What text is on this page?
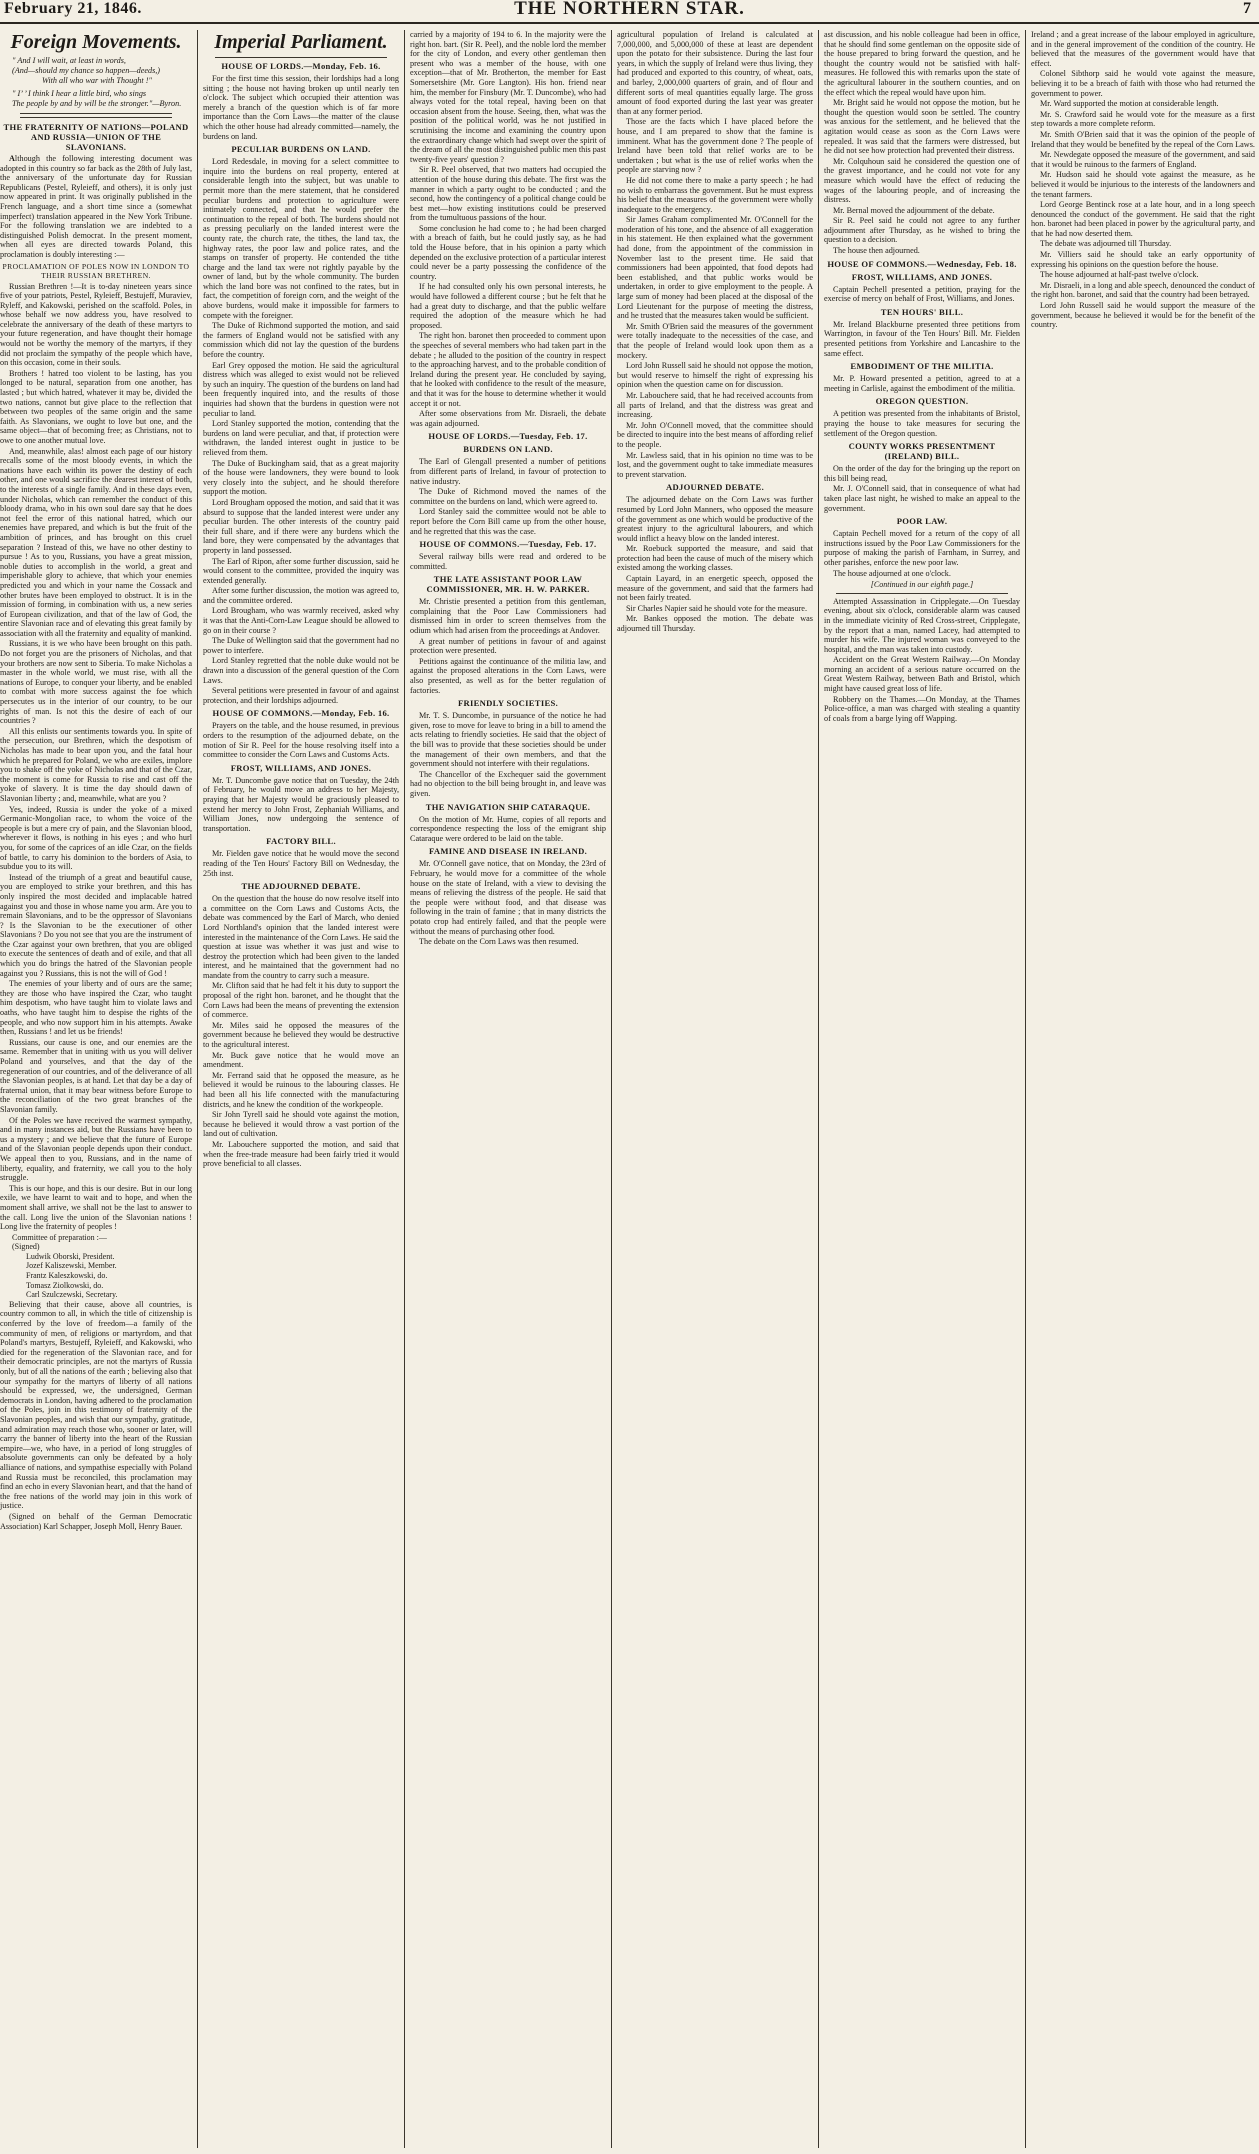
February 21, 1846.	THE NORTHERN STAR.	7
Foreign Movements.
" And I will wait, at least in words,
(And—should my chance so happen—deeds,)
With all who war with Thought !"
" I’ ’ I think I hear a little bird, who sings
The people by and by will be the stronger."—Byron.
THE FRATERNITY OF NATIONS—POLAND AND RUSSIA—UNION OF THE SLAVONIANS.

Although the following interesting document was adopted in this country so far back as the 28th of July last, the anniversary of the unfortunate day for Russian Republicans (Pestel, Ryleieff, and others), it is only just now appeared in print. It was originally published in the French language, and a short time since a (somewhat imperfect) translation appeared in the New York Tribune. For the following translation we are indebted to a distinguished Polish democrat. In the present moment, when all eyes are directed towards Poland, this proclamation is doubly interesting :—

PROCLAMATION OF POLES NOW IN LONDON TO THEIR RUSSIAN BRETHREN.

Russian Brethren !—It is to-day nineteen years since five of your patriots, Pestel, Ryleieff, Bestujeff, Muraviev, Ryleff, and Kakowski, perished on the scaffold. Poles, in whose behalf we now address you, have resolved to celebrate the anniversary of the death of these martyrs to your future regeneration, and have thought their homage would not be worthy the memory of the martyrs, if they did not proclaim the sympathy of the people which have, on this occasion, come in their souls.

Brothers ! hatred too violent to be lasting, has you longed to be natural, separation from one another, has lasted ; but which hatred, whatever it may be, divided the two nations, cannot but give place to the reflection that between two peoples of the same origin and the same faith. As Slavonians, we ought to love but one, and the same object—that of becoming free; as Christians, not to owe to one another mutual love.

And, meanwhile, alas! almost each page of our history recalls some of the most bloody events, in which the nations have each within its power the destiny of each other, and one would sacrifice the dearest interest of both, to the interests of a single family. And in these days even, under Nicholas, which can remember the conduct of this bloody drama, who in his own soul dare say that he does not feel the error of this national hatred, which our enemies have prepared, and which is but the fruit of the ambition of princes, and has brought on this cruel separation ? Instead of this, we have no other destiny to pursue ! As to you, Russians, you have a great mission, noble duties to accomplish in the world, a great and imperishable glory to achieve, that which your enemies predicted you and which in your name the Cossack and other brutes have been employed to obstruct. It is in the mission of forming, in combination with us, a new series of European civilization, and that of the law of God, the entire Slavonian race and of elevating this great family by association with all the fraternity and equality of mankind.

Russians, it is we who have been brought on this path. Do not forget you are the prisoners of Nicholas, and that your brothers are now sent to Siberia. To make Nicholas a master in the whole world, we must rise, with all the nations of Europe, to conquer your liberty, and be enabled to combat with more success against the foe which persecutes us in the interior of our country, to be our rights of man. Is not this the desire of each of our countries ?

All this enlists our sentiments towards you. In spite of the persecution, our Brethren, which the despotism of Nicholas has made to bear upon you, and the fatal hour which he prepared for Poland, we who are exiles, implore you to shake off the yoke of Nicholas and that of the Czar, the moment is come for Russia to rise and cast off the yoke of slavery. It is time the day should dawn of Slavonian liberty ; and, meanwhile, what are you ?

Yes, indeed, Russia is under the yoke of a mixed Germanic-Mongolian race, to whom the voice of the people is but a mere cry of pain, and the Slavonian blood, wherever it flows, is nothing in his eyes ; and who hurl you, for some of the caprices of an idle Czar, on the fields of battle, to carry his dominion to the borders of Asia, to subdue you to its will.

Instead of the triumph of a great and beautiful cause, you are employed to strike your brethren, and this has only inspired the most decided and implacable hatred against you and those in whose name you arm. Are you to remain Slavonians, and to be the oppressor of Slavonians ? Is the Slavonian to be the executioner of other Slavonians ? Do you not see that you are the instrument of the Czar against your own brethren, that you are obliged to execute the sentences of death and of exile, and that all which you do brings the hatred of the Slavonian people against you ? Russians, this is not the will of God !

The enemies of your liberty and of ours are the same; they are those who have inspired the Czar, who taught him despotism, who have taught him to violate laws and oaths, who have taught him to despise the rights of the people, and who now support him in his attempts. Awake then, Russians ! and let us be friends!

Russians, our cause is one, and our enemies are the same. Remember that in uniting with us you will deliver Poland and yourselves, and that the day of the regeneration of our countries, and of the deliverance of all the Slavonian peoples, is at hand. Let that day be a day of fraternal union, that it may bear witness before Europe to the reconciliation of the two great branches of the Slavonian family.

Of the Poles we have received the warmest sympathy, and in many instances aid, but the Russians have been to us a mystery ; and we believe that the future of Europe and of the Slavonian people depends upon their conduct. We appeal then to you, Russians, and in the name of liberty, equality, and fraternity, we call you to the holy struggle.

This is our hope, and this is our desire. But in our long exile, we have learnt to wait and to hope, and when the moment shall arrive, we shall not be the last to answer to the call. Long live the union of the Slavonian nations ! Long live the fraternity of peoples !

Committee of preparation :—
(Signed)
Ludwik Oborski, President.
Jozef Kaliszewski, Member.
Frantz Kaleszkowski, do.
Tomasz Ziolkowski, do.
Carl Szulczewski, Secretary.

Believing that their cause, above all countries, is country common to all, in which the title of citizenship is conferred by the love of freedom—a family of the community of men, of religions or martyrdom, and that Poland's martyrs, Bestujeff, Ryleieff, and Kakowski, who died for the regeneration of the Slavonian race, and for their democratic principles, are not the martyrs of Russia only, but of all the nations of the earth ; believing also that our sympathy for the martyrs of liberty of all nations should be expressed, we, the undersigned, German democrats in London, having adhered to the proclamation of the Poles, join in this testimony of fraternity of the Slavonian peoples, and wish that our sympathy, gratitude, and admiration may reach those who, sooner or later, will carry the banner of liberty into the heart of the Russian empire—we, who have, in a period of long struggles of absolute governments can only be defeated by a holy alliance of nations, and sympathise especially with Poland and Russia must be reconciled, this proclamation may find an echo in every Slavonian heart, and that the hand of the free nations of the world may join in this work of justice.

(Signed on behalf of the German Democratic Association) Karl Schapper, Joseph Moll, Henry Bauer.

Imperial Parliament.
HOUSE OF LORDS.—Monday, Feb. 16.

For the first time this session, their lordships had a long sitting ; the house not having broken up until nearly ten o'clock. The subject which occupied their attention was merely a branch of the question which is of far more importance than the Corn Laws—the matter of the clause which the other house had already committed—namely, the burdens on land.

PECULIAR BURDENS ON LAND.

Lord Redesdale, in moving for a select committee to inquire into the burdens on real property, entered at considerable length into the subject, but was unable to permit more than the mere statement, that he considered peculiar burdens and protection to agriculture were intimately connected, and that he would prefer the continuation to the repeal of both. The burdens should not as pressing peculiarly on the landed interest were the county rate, the church rate, the tithes, the land tax, the highway rates, the poor law and police rates, and the stamps on transfer of property. He contended the tithe charge and the land tax were not rightly payable by the owner of land, but by the whole community. The burden which the land bore was not confined to the rates, but in fact, the competition of foreign corn, and the weight of the above burdens, would make it impossible for farmers to compete with the foreigner.

The Duke of Richmond supported the motion, and said the farmers of England would not be satisfied with any commission which did not lay the question of the burdens before the country.

Earl Grey opposed the motion. He said the agricultural distress which was alleged to exist would not be relieved by such an inquiry. The question of the burdens on land had been frequently inquired into, and the results of those inquiries had shown that the burdens in question were not peculiar to land.

Lord Stanley supported the motion, contending that the burdens on land were peculiar, and that, if protection were withdrawn, the landed interest ought in justice to be relieved from them.

The Duke of Buckingham said, that as a great majority of the house were landowners, they were bound to look very closely into the subject, and he should therefore support the motion.

Lord Brougham opposed the motion, and said that it was absurd to suppose that the landed interest were under any peculiar burden. The other interests of the country paid their full share, and if there were any burdens which the land bore, they were compensated by the advantages that property in land possessed.

The Earl of Ripon, after some further discussion, said he would consent to the committee, provided the inquiry was extended generally.

After some further discussion, the motion was agreed to, and the committee ordered.

Lord Brougham, who was warmly received, asked why it was that the Anti-Corn-Law League should be allowed to go on in their course ?

The Duke of Wellington said that the government had no power to interfere.

Lord Stanley regretted that the noble duke would not be drawn into a discussion of the general question of the Corn Laws.

Several petitions were presented in favour of and against protection, and their lordships adjourned.

HOUSE OF COMMONS.—Monday, Feb. 16.

Prayers on the table, and the house resumed, in previous orders to the resumption of the adjourned debate, on the motion of Sir R. Peel for the house resolving itself into a committee to consider the Corn Laws and Customs Acts.

FROST, WILLIAMS, AND JONES.

Mr. T. Duncombe gave notice that on Tuesday, the 24th of February, he would move an address to her Majesty, praying that her Majesty would be graciously pleased to extend her mercy to John Frost, Zephaniah Williams, and William Jones, now undergoing the sentence of transportation.

FACTORY BILL.

Mr. Fielden gave notice that he would move the second reading of the Ten Hours' Factory Bill on Wednesday, the 25th inst.

THE ADJOURNED DEBATE.

On the question that the house do now resolve itself into a committee on the Corn Laws and Customs Acts, the debate was commenced by the Earl of March, who denied Lord Northland's opinion that the landed interest were interested in the maintenance of the Corn Laws. He said the question at issue was whether it was just and wise to destroy the protection which had been given to the landed interest, and he maintained that the government had no mandate from the country to carry such a measure.

Mr. Clifton said that he had felt it his duty to support the proposal of the right hon. baronet, and he thought that the Corn Laws had been the means of preventing the extension of commerce.

Mr. Miles said he opposed the measures of the government because he believed they would be destructive to the agricultural interest.

Mr. Buck gave notice that he would move an amendment.

Mr. Ferrand said that he opposed the measure, as he believed it would be ruinous to the labouring classes. He had been all his life connected with the manufacturing districts, and he knew the condition of the workpeople.

Sir John Tyrell said he should vote against the motion, because he believed it would throw a vast portion of the land out of cultivation.

Mr. Labouchere supported the motion, and said that when the free-trade measure had been fairly tried it would prove beneficial to all classes.

carried by a majority of 194 to 6. In the majority were the right hon. bart. (Sir R. Peel), and the noble lord the member for the city of London, and every other gentleman then present who was a member of the house, with one exception—that of Mr. Brotherton, the member for East Somersetshire (Mr. Gore Langton). His hon. friend near him, the member for Finsbury (Mr. T. Duncombe), who had always voted for the total repeal, having been on that occasion absent from the house. Seeing, then, what was the position of the political world, was he not justified in scrutinising the income and examining the country upon the extraordinary change which had swept over the spirit of the dream of all the most distinguished public men this past twenty-five years' question ?

Sir R. Peel observed, that two matters had occupied the attention of the house during this debate. The first was the manner in which a party ought to be conducted ; and the second, how the contingency of a political change could be best met—how existing institutions could be preserved from the tumultuous passions of the hour.

Some conclusion he had come to ; he had been charged with a breach of faith, but he could justly say, as he had told the House before, that in his opinion a party which depended on the exclusive protection of a particular interest could never be a party possessing the confidence of the country.

If he had consulted only his own personal interests, he would have followed a different course ; but he felt that he had a great duty to discharge, and that the public welfare required the adoption of the measure which he had proposed.

The right hon. baronet then proceeded to comment upon the speeches of several members who had taken part in the debate ; he alluded to the position of the country in respect to the approaching harvest, and to the probable condition of Ireland during the present year. He concluded by saying, that he looked with confidence to the result of the measure, and that it was for the house to determine whether it would accept it or not.

After some observations from Mr. Disraeli, the debate was again adjourned.

HOUSE OF LORDS.—Tuesday, Feb. 17.
BURDENS ON LAND.

The Earl of Glengall presented a number of petitions from different parts of Ireland, in favour of protection to native industry.

The Duke of Richmond moved the names of the committee on the burdens on land, which were agreed to.

Lord Stanley said the committee would not be able to report before the Corn Bill came up from the other house, and he regretted that this was the case.

HOUSE OF COMMONS.—Tuesday, Feb. 17.

Several railway bills were read and ordered to be committed.

THE LATE ASSISTANT POOR LAW COMMISSIONER, MR. H. W. PARKER.

Mr. Christie presented a petition from this gentleman, complaining that the Poor Law Commissioners had dismissed him in order to screen themselves from the odium which had arisen from the proceedings at Andover.

A great number of petitions in favour of and against protection were presented.

Petitions against the continuance of the militia law, and against the proposed alterations in the Corn Laws, were also presented, as well as for the better regulation of factories.

FRIENDLY SOCIETIES.

Mr. T. S. Duncombe, in pursuance of the notice he had given, rose to move for leave to bring in a bill to amend the acts relating to friendly societies. He said that the object of the bill was to provide that these societies should be under the management of their own members, and that the government should not interfere with their regulations.

The Chancellor of the Exchequer said the government had no objection to the bill being brought in, and leave was given.

THE NAVIGATION SHIP CATARAQUE.

On the motion of Mr. Hume, copies of all reports and correspondence respecting the loss of the emigrant ship Cataraque were ordered to be laid on the table.

FAMINE AND DISEASE IN IRELAND.

Mr. O'Connell gave notice, that on Monday, the 23rd of February, he would move for a committee of the whole house on the state of Ireland, with a view to devising the means of relieving the distress of the people. He said that the people were without food, and that disease was following in the train of famine ; that in many districts the potato crop had entirely failed, and that the people were without the means of purchasing other food.

The debate on the Corn Laws was then resumed.

agricultural population of Ireland is calculated at 7,000,000, and 5,000,000 of these at least are dependent upon the potato for their subsistence. During the last four years, in which the supply of Ireland were thus living, they had produced and exported to this country, of wheat, oats, and barley, 2,000,000 quarters of grain, and of flour and different sorts of meal quantities equally large. The gross amount of food exported during the last year was greater than at any former period.

Those are the facts which I have placed before the house, and I am prepared to show that the famine is imminent. What has the government done ? The people of Ireland have been told that relief works are to be undertaken ; but what is the use of relief works when the people are starving now ?

He did not come there to make a party speech ; he had no wish to embarrass the government. But he must express his belief that the measures of the government were wholly inadequate to the emergency.

Sir James Graham complimented Mr. O'Connell for the moderation of his tone, and the absence of all exaggeration in his statement. He then explained what the government had done, from the appointment of the commission in November last to the present time. He said that commissioners had been appointed, that food depots had been established, and that public works would be undertaken, in order to give employment to the people. A large sum of money had been placed at the disposal of the Lord Lieutenant for the purpose of meeting the distress, and he trusted that the measures taken would be sufficient.

Mr. Smith O'Brien said the measures of the government were totally inadequate to the necessities of the case, and that the people of Ireland would look upon them as a mockery.

Lord John Russell said he should not oppose the motion, but would reserve to himself the right of expressing his opinion when the question came on for discussion.

Mr. Labouchere said, that he had received accounts from all parts of Ireland, and that the distress was great and increasing.

Mr. John O'Connell moved, that the committee should be directed to inquire into the best means of affording relief to the people.

Mr. Lawless said, that in his opinion no time was to be lost, and the government ought to take immediate measures to prevent starvation.

ADJOURNED DEBATE.

The adjourned debate on the Corn Laws was further resumed by Lord John Manners, who opposed the measure of the government as one which would be productive of the greatest injury to the agricultural labourers, and which would inflict a heavy blow on the landed interest.

Mr. Roebuck supported the measure, and said that protection had been the cause of much of the misery which existed among the working classes.

Captain Layard, in an energetic speech, opposed the measure of the government, and said that the farmers had not been fairly treated.

Sir Charles Napier said he should vote for the measure.

Mr. Bankes opposed the motion. The debate was adjourned till Thursday.

ast discussion, and his noble colleague had been in office, that he should find some gentleman on the opposite side of the house prepared to bring forward the question, and he thought the country would not be satisfied with half-measures. He followed this with remarks upon the state of the agricultural labourer in the southern counties, and on the effect which the repeal would have upon him.

Mr. Bright said he would not oppose the motion, but he thought the question would soon be settled. The country was anxious for the settlement, and he believed that the agitation would cease as soon as the Corn Laws were repealed. It was said that the farmers were distressed, but he did not see how protection had prevented their distress.

Mr. Colquhoun said he considered the question one of the gravest importance, and he could not vote for any measure which would have the effect of reducing the wages of the labouring people, and of increasing the distress.

Mr. Bernal moved the adjournment of the debate.

Sir R. Peel said he could not agree to any further adjournment after Thursday, as he wished to bring the question to a decision.

The house then adjourned.

HOUSE OF COMMONS.—Wednesday, Feb. 18.
FROST, WILLIAMS, AND JONES.

Captain Pechell presented a petition, praying for the exercise of mercy on behalf of Frost, Williams, and Jones.

TEN HOURS' BILL.

Mr. Ireland Blackburne presented three petitions from Warrington, in favour of the Ten Hours' Bill. Mr. Fielden presented petitions from Yorkshire and Lancashire to the same effect.

EMBODIMENT OF THE MILITIA.

Mr. P. Howard presented a petition, agreed to at a meeting in Carlisle, against the embodiment of the militia.

OREGON QUESTION.

A petition was presented from the inhabitants of Bristol, praying the house to take measures for securing the settlement of the Oregon question.

COUNTY WORKS PRESENTMENT (IRELAND) BILL.

On the order of the day for the bringing up the report on this bill being read,

Mr. J. O'Connell said, that in consequence of what had taken place last night, he wished to make an appeal to the government.

POOR LAW.

Captain Pechell moved for a return of the copy of all instructions issued by the Poor Law Commissioners for the purpose of making the parish of Farnham, in Surrey, and other parishes, enforce the new poor law.

The house adjourned at one o'clock.

[Continued in our eighth page.]

Attempted Assassination in Cripplegate.—On Tuesday evening, about six o'clock, considerable alarm was caused in the immediate vicinity of Red Cross-street, Cripplegate, by the report that a man, named Lacey, had attempted to murder his wife. The injured woman was conveyed to the hospital, and the man was taken into custody.

Accident on the Great Western Railway.—On Monday morning an accident of a serious nature occurred on the Great Western Railway, between Bath and Bristol, which might have caused great loss of life.

Robbery on the Thames.—On Monday, at the Thames Police-office, a man was charged with stealing a quantity of coals from a barge lying off Wapping.

Ireland ; and a great increase of the labour employed in agriculture, and in the general improvement of the condition of the country. He believed that the measures of the government would have that effect.

Colonel Sibthorp said he would vote against the measure, believing it to be a breach of faith with those who had returned the government to power.

Mr. Ward supported the motion at considerable length.

Mr. S. Crawford said he would vote for the measure as a first step towards a more complete reform.

Mr. Smith O'Brien said that it was the opinion of the people of Ireland that they would be benefited by the repeal of the Corn Laws.

Mr. Newdegate opposed the measure of the government, and said that it would be ruinous to the farmers of England.

Mr. Hudson said he should vote against the measure, as he believed it would be injurious to the interests of the landowners and the tenant farmers.

Lord George Bentinck rose at a late hour, and in a long speech denounced the conduct of the government. He said that the right hon. baronet had been placed in power by the agricultural party, and that he had now deserted them.

The debate was adjourned till Thursday.

Mr. Villiers said he should take an early opportunity of expressing his opinions on the question before the house.

The house adjourned at half-past twelve o'clock.

Mr. Disraeli, in a long and able speech, denounced the conduct of the right hon. baronet, and said that the country had been betrayed.

Lord John Russell said he would support the measure of the government, because he believed it would be for the benefit of the country.
